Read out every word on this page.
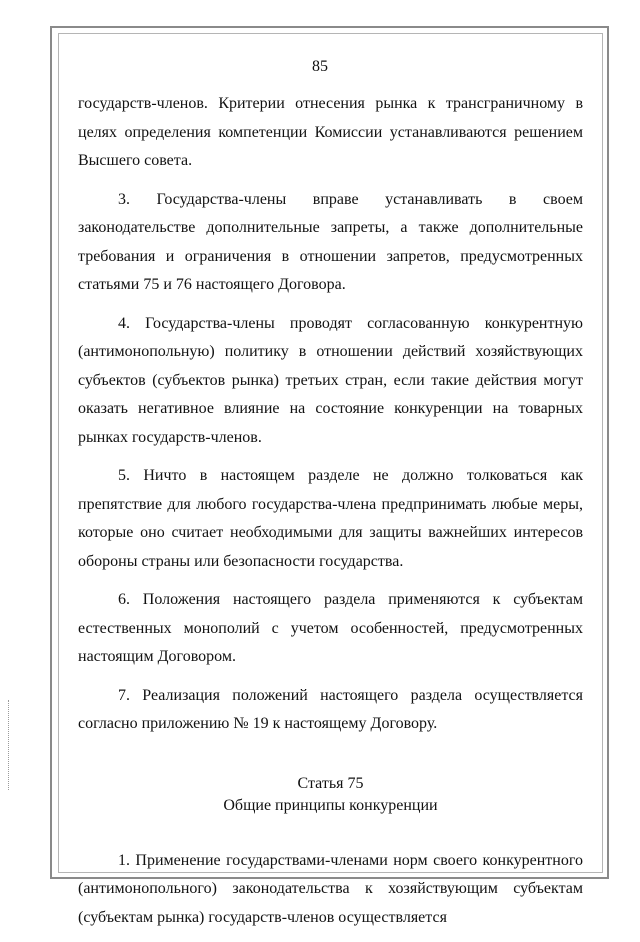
85

государств-членов. Критерии отнесения рынка к трансграничному в целях определения компетенции Комиссии устанавливаются решением Высшего совета.

3. Государства-члены вправе устанавливать в своем законодательстве дополнительные запреты, а также дополнительные требования и ограничения в отношении запретов, предусмотренных статьями 75 и 76 настоящего Договора.

4. Государства-члены проводят согласованную конкурентную (антимонопольную) политику в отношении действий хозяйствующих субъектов (субъектов рынка) третьих стран, если такие действия могут оказать негативное влияние на состояние конкуренции на товарных рынках государств-членов.

5. Ничто в настоящем разделе не должно толковаться как препятствие для любого государства-члена предпринимать любые меры, которые оно считает необходимыми для защиты важнейших интересов обороны страны или безопасности государства.

6. Положения настоящего раздела применяются к субъектам естественных монополий с учетом особенностей, предусмотренных настоящим Договором.

7. Реализация положений настоящего раздела осуществляется согласно приложению № 19 к настоящему Договору.

Статья 75

Общие принципы конкуренции

1. Применение государствами-членами норм своего конкурентного (антимонопольного) законодательства к хозяйствующим субъектам (субъектам рынка) государств-членов осуществляется
